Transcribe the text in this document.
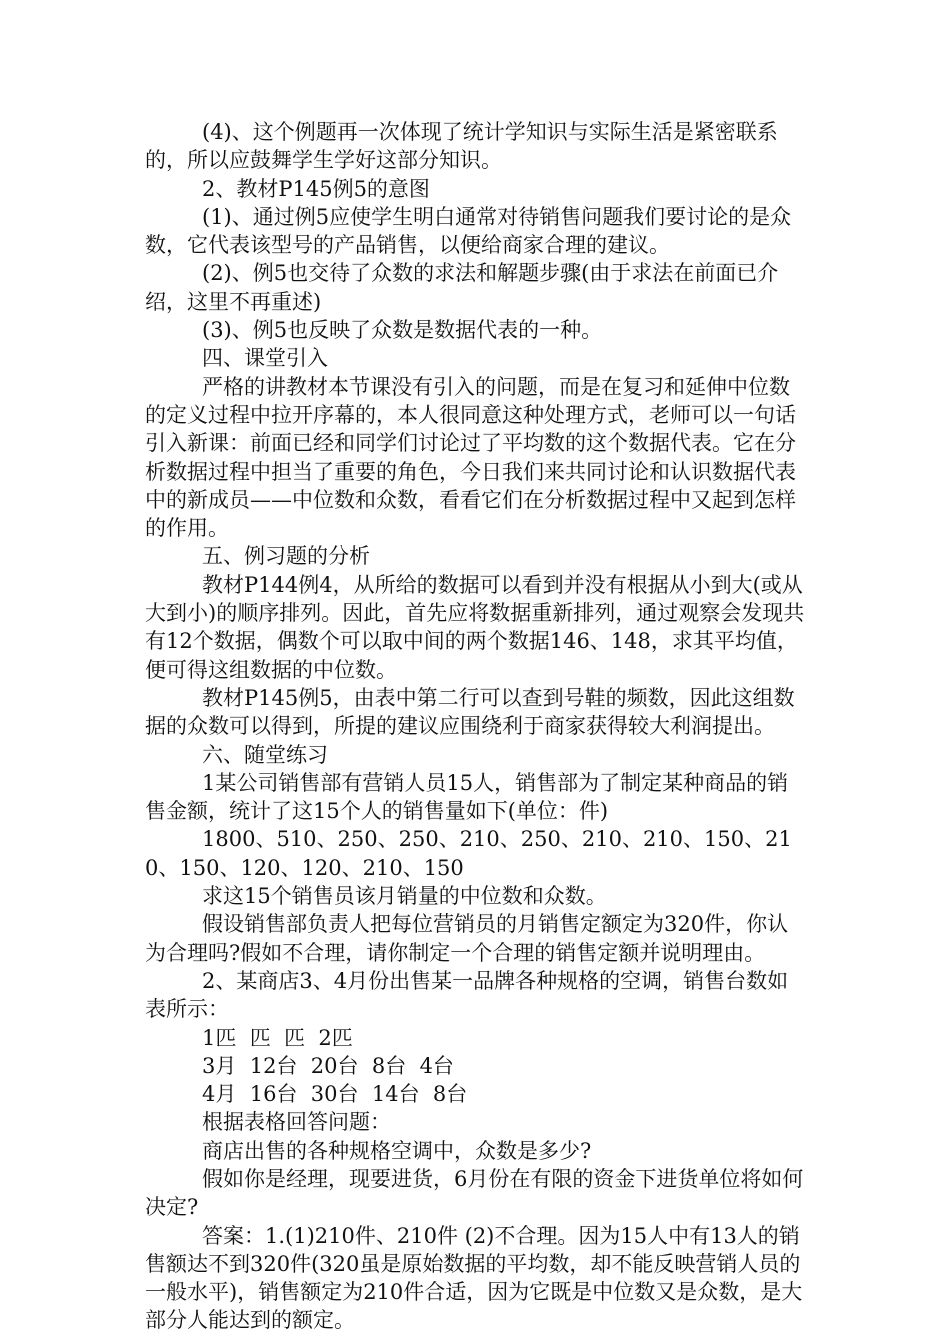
(4)、这个例题再一次体现了统计学知识与实际生活是紧密联系的，所以应鼓舞学生学好这部分知识。

2、教材P145例5的意图

(1)、通过例5应使学生明白通常对待销售问题我们要讨论的是众数，它代表该型号的产品销售，以便给商家合理的建议。

(2)、例5也交待了众数的求法和解题步骤(由于求法在前面已介绍，这里不再重述)

(3)、例5也反映了众数是数据代表的一种。

四、课堂引入

严格的讲教材本节课没有引入的问题，而是在复习和延伸中位数的定义过程中拉开序幕的，本人很同意这种处理方式，老师可以一句话引入新课：前面已经和同学们讨论过了平均数的这个数据代表。它在分析数据过程中担当了重要的角色，今日我们来共同讨论和认识数据代表中的新成员——中位数和众数，看看它们在分析数据过程中又起到怎样的作用。

五、例习题的分析

教材P144例4，从所给的数据可以看到并没有根据从小到大(或从大到小)的顺序排列。因此，首先应将数据重新排列，通过观察会发现共有12个数据，偶数个可以取中间的两个数据146、148，求其平均值，便可得这组数据的中位数。

教材P145例5，由表中第二行可以查到号鞋的频数，因此这组数据的众数可以得到，所提的建议应围绕利于商家获得较大利润提出。

六、随堂练习

1某公司销售部有营销人员15人，销售部为了制定某种商品的销售金额，统计了这15个人的销售量如下(单位：件)

1800、510、250、250、210、250、210、210、150、210、150、120、120、210、150

求这15个销售员该月销量的中位数和众数。

假设销售部负责人把每位营销员的月销售定额定为320件，你认为合理吗?假如不合理，请你制定一个合理的销售定额并说明理由。

2、某商店3、4月份出售某一品牌各种规格的空调，销售台数如表所示：

1匹  匹  匹  2匹

3月  12台  20台  8台  4台

4月  16台  30台  14台  8台

根据表格回答问题：

商店出售的各种规格空调中，众数是多少?

假如你是经理，现要进货，6月份在有限的资金下进货单位将如何决定?

答案：1.(1)210件、210件 (2)不合理。因为15人中有13人的销售额达不到320件(320虽是原始数据的平均数，却不能反映营销人员的一般水平)，销售额定为210件合适，因为它既是中位数又是众数，是大部分人能达到的额定。
